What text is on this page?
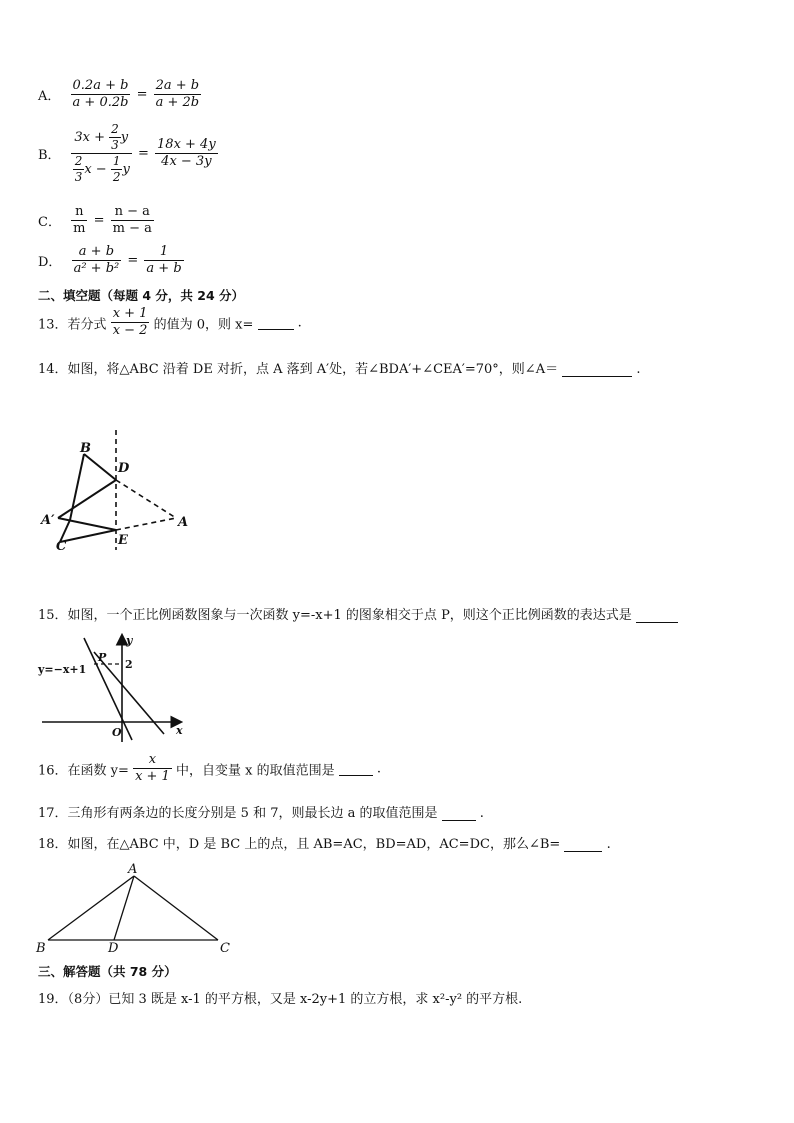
A． $\frac{0.2a + b}{a + 0.2b} = \frac{2a + b}{a + 2b}$
B． $\frac{3x + \frac{2}{3} y}{\frac{2}{3} x - \frac{1}{2} y} = \frac{18x + 4y}{4x - 3y}$
C． $\frac{n}{m} = \frac{n - a}{m - a}$
D． $\frac{a + b}{\text{a² + b²}} = \frac{1}{a + b}$
二、填空题（每题 4 分，共 24 分）
13．若分式 $\frac{x + 1}{x - 2}$ 的值为 0，则 x=	.
14．如图，将△ABC 沿着 DE 对折，点 A 落到 A′处，若∠BDA′+∠CEA′=70°，则∠A＝	.
B
D
A′	A
C	E
15．如图，一个正比例函数图象与一次函数 y=-x+1 的图象相交于点 P，则这个正比例函数的表达式是
y=−x+1
P
2
y
x
O
16．在函数 $y= \frac{x}{x + 1}$ 中，自变量 x 的取值范围是	.
17．三角形有两条边的长度分别是 5 和 7，则最长边 a 的取值范围是	.
18．如图，在△ABC 中，D 是 BC 上的点，且 AB=AC，BD=AD，AC=DC，那么∠B=	.
A
B	D	C
三、解答题（共 78 分）
19．（8分）已知 3 既是 x-1 的平方根，又是 x-2y+1 的立方根，求 x²-y² 的平方根.
